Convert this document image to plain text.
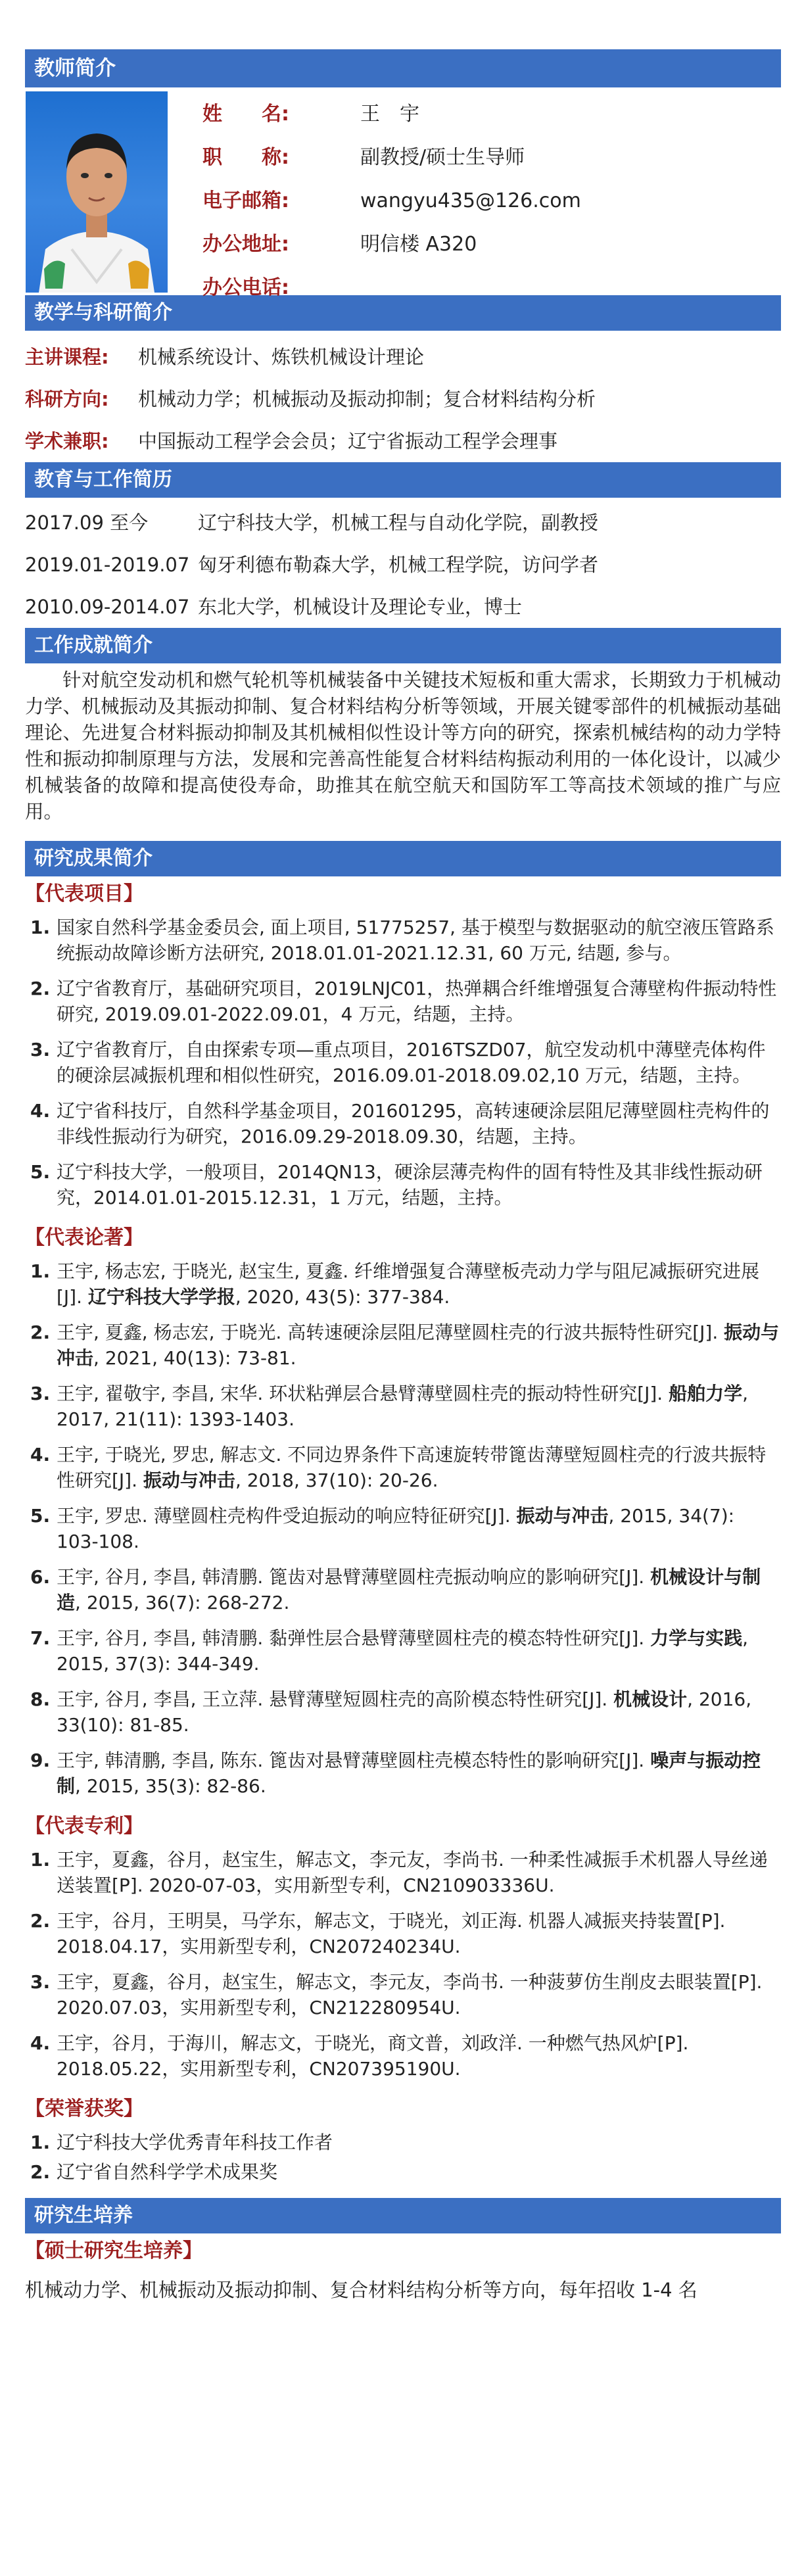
教师简介
姓　　名:	王　宇
职　　称:	副教授/硕士生导师
电子邮箱:	wangyu435@126.com
办公地址:	明信楼 A320
办公电话:
教学与科研简介
主讲课程: 机械系统设计、炼铁机械设计理论
科研方向: 机械动力学；机械振动及振动抑制；复合材料结构分析
学术兼职: 中国振动工程学会会员；辽宁省振动工程学会理事
教育与工作简历
2017.09 至今	辽宁科技大学，机械工程与自动化学院，副教授
2019.01-2019.07 匈牙利德布勒森大学，机械工程学院，访问学者
2010.09-2014.07 东北大学，机械设计及理论专业，博士
工作成就简介

针对航空发动机和燃气轮机等机械装备中关键技术短板和重大需求，长期致力于机械动力学、机械振动及其振动抑制、复合材料结构分析等领域，开展关键零部件的机械振动基础理论、先进复合材料振动抑制及其机械相似性设计等方向的研究，探索机械结构的动力学特性和振动抑制原理与方法，发展和完善高性能复合材料结构振动利用的一体化设计，以减少机械装备的故障和提高使役寿命，助推其在航空航天和国防军工等高技术领域的推广与应用。

研究成果简介
【代表项目】
1. 国家自然科学基金委员会, 面上项目, 51775257, 基于模型与数据驱动的航空液压管路系统振动故障诊断方法研究, 2018.01.01-2021.12.31, 60 万元, 结题, 参与。
2. 辽宁省教育厅，基础研究项目，2019LNJC01，热弹耦合纤维增强复合薄壁构件振动特性研究, 2019.09.01-2022.09.01，4 万元，结题，主持。
3. 辽宁省教育厅，自由探索专项—重点项目，2016TSZD07，航空发动机中薄壁壳体构件的硬涂层减振机理和相似性研究，2016.09.01-2018.09.02,10 万元，结题，主持。
4. 辽宁省科技厅，自然科学基金项目，201601295，高转速硬涂层阻尼薄壁圆柱壳构件的非线性振动行为研究，2016.09.29-2018.09.30，结题，主持。
5. 辽宁科技大学，一般项目，2014QN13，硬涂层薄壳构件的固有特性及其非线性振动研究，2014.01.01-2015.12.31，1 万元，结题，主持。
【代表论著】
1. 王宇, 杨志宏, 于晓光, 赵宝生, 夏鑫. 纤维增强复合薄壁板壳动力学与阻尼减振研究进展[J]. 辽宁科技大学学报, 2020, 43(5): 377-384.
2. 王宇, 夏鑫, 杨志宏, 于晓光. 高转速硬涂层阻尼薄壁圆柱壳的行波共振特性研究[J]. 振动与冲击, 2021, 40(13): 73-81.
3. 王宇, 翟敬宇, 李昌, 宋华. 环状粘弹层合悬臂薄壁圆柱壳的振动特性研究[J]. 船舶力学, 2017, 21(11): 1393-1403.
4. 王宇, 于晓光, 罗忠, 解志文. 不同边界条件下高速旋转带篦齿薄壁短圆柱壳的行波共振特性研究[J]. 振动与冲击, 2018, 37(10): 20-26.
5. 王宇, 罗忠. 薄壁圆柱壳构件受迫振动的响应特征研究[J]. 振动与冲击, 2015, 34(7): 103-108.
6. 王宇, 谷月, 李昌, 韩清鹏. 篦齿对悬臂薄壁圆柱壳振动响应的影响研究[J]. 机械设计与制造, 2015, 36(7): 268-272.
7. 王宇, 谷月, 李昌, 韩清鹏. 黏弹性层合悬臂薄壁圆柱壳的模态特性研究[J]. 力学与实践, 2015, 37(3): 344-349.
8. 王宇, 谷月, 李昌, 王立萍. 悬臂薄壁短圆柱壳的高阶模态特性研究[J]. 机械设计, 2016, 33(10): 81-85.
9. 王宇, 韩清鹏, 李昌, 陈东. 篦齿对悬臂薄壁圆柱壳模态特性的影响研究[J]. 噪声与振动控制, 2015, 35(3): 82-86.
【代表专利】
1. 王宇，夏鑫，谷月，赵宝生，解志文，李元友，李尚书. 一种柔性减振手术机器人导丝递送装置[P]. 2020-07-03，实用新型专利，CN210903336U.
2. 王宇，谷月，王明昊，马学东，解志文，于晓光，刘正海. 机器人减振夹持装置[P]. 2018.04.17，实用新型专利，CN207240234U.
3. 王宇，夏鑫，谷月，赵宝生，解志文，李元友，李尚书. 一种菠萝仿生削皮去眼装置[P]. 2020.07.03，实用新型专利，CN212280954U.
4. 王宇，谷月，于海川，解志文，于晓光，商文普，刘政洋. 一种燃气热风炉[P]. 2018.05.22，实用新型专利，CN207395190U.
【荣誉获奖】
1. 辽宁科技大学优秀青年科技工作者
2. 辽宁省自然科学学术成果奖
研究生培养
【硕士研究生培养】
机械动力学、机械振动及振动抑制、复合材料结构分析等方向，每年招收 1-4 名
